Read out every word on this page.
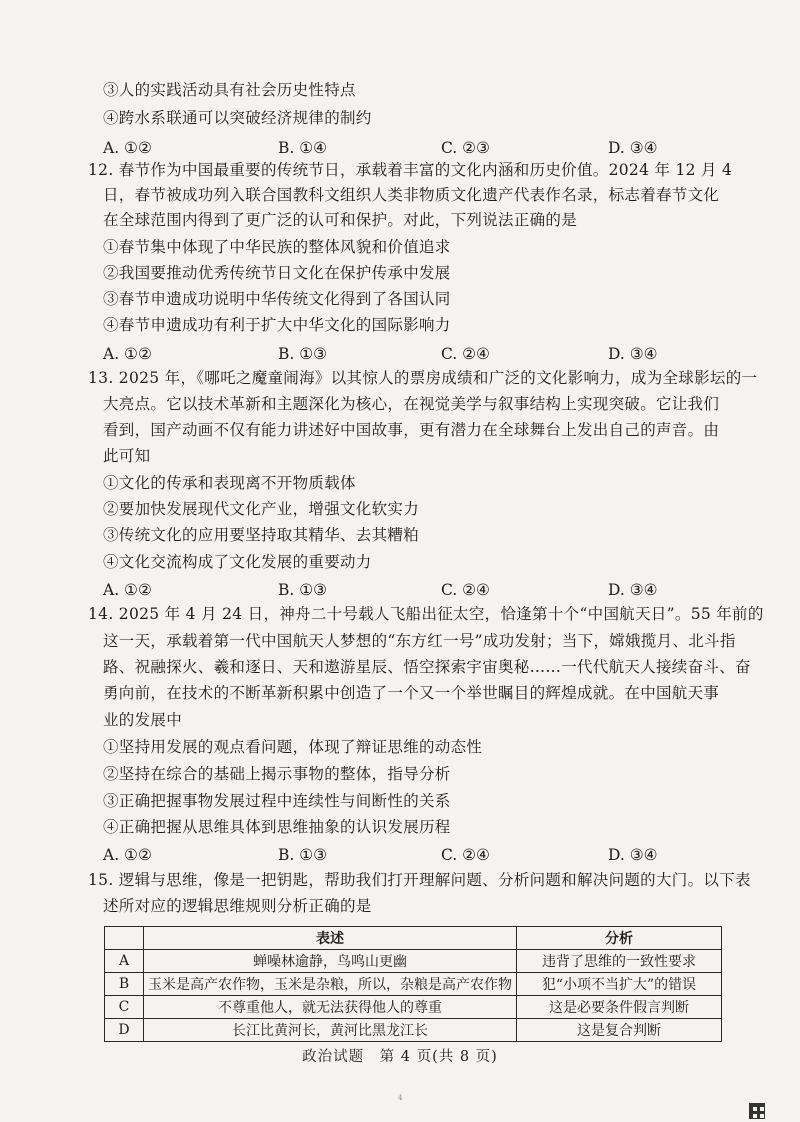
③人的实践活动具有社会历史性特点
④跨水系联通可以突破经济规律的制约
A. ①②	B. ①④	C. ②③	D. ③④
12. 春节作为中国最重要的传统节日，承载着丰富的文化内涵和历史价值。2024 年 12 月 4
日，春节被成功列入联合国教科文组织人类非物质文化遗产代表作名录，标志着春节文化
在全球范围内得到了更广泛的认可和保护。对此，下列说法正确的是
①春节集中体现了中华民族的整体风貌和价值追求
②我国要推动优秀传统节日文化在保护传承中发展
③春节申遗成功说明中华传统文化得到了各国认同
④春节申遗成功有利于扩大中华文化的国际影响力
A. ①②	B. ①③	C. ②④	D. ③④
13. 2025 年，《哪吒之魔童闹海》以其惊人的票房成绩和广泛的文化影响力，成为全球影坛的一
大亮点。它以技术革新和主题深化为核心，在视觉美学与叙事结构上实现突破。它让我们
看到，国产动画不仅有能力讲述好中国故事，更有潜力在全球舞台上发出自己的声音。由
此可知
①文化的传承和表现离不开物质载体
②要加快发展现代文化产业，增强文化软实力
③传统文化的应用要坚持取其精华、去其糟粕
④文化交流构成了文化发展的重要动力
A. ①②	B. ①③	C. ②④	D. ③④
14. 2025 年 4 月 24 日，神舟二十号载人飞船出征太空，恰逢第十个“中国航天日”。55 年前的
这一天，承载着第一代中国航天人梦想的“东方红一号”成功发射；当下，嫦娥揽月、北斗指
路、祝融探火、羲和逐日、天和遨游星辰、悟空探索宇宙奥秘……一代代航天人接续奋斗、奋
勇向前，在技术的不断革新积累中创造了一个又一个举世瞩目的辉煌成就。在中国航天事
业的发展中
①坚持用发展的观点看问题，体现了辩证思维的动态性
②坚持在综合的基础上揭示事物的整体，指导分析
③正确把握事物发展过程中连续性与间断性的关系
④正确把握从思维具体到思维抽象的认识发展历程
A. ①②	B. ①③	C. ②④	D. ③④
15. 逻辑与思维，像是一把钥匙，帮助我们打开理解问题、分析问题和解决问题的大门。以下表
述所对应的逻辑思维规则分析正确的是
	表述	分析
A	蝉噪林逾静，鸟鸣山更幽	违背了思维的一致性要求
B	玉米是高产农作物，玉米是杂粮，所以，杂粮是高产农作物	犯“小项不当扩大”的错误
C	不尊重他人，就无法获得他人的尊重	这是必要条件假言判断
D	长江比黄河长，黄河比黑龙江长	这是复合判断
政治试题　第 4 页(共 8 页)
4
